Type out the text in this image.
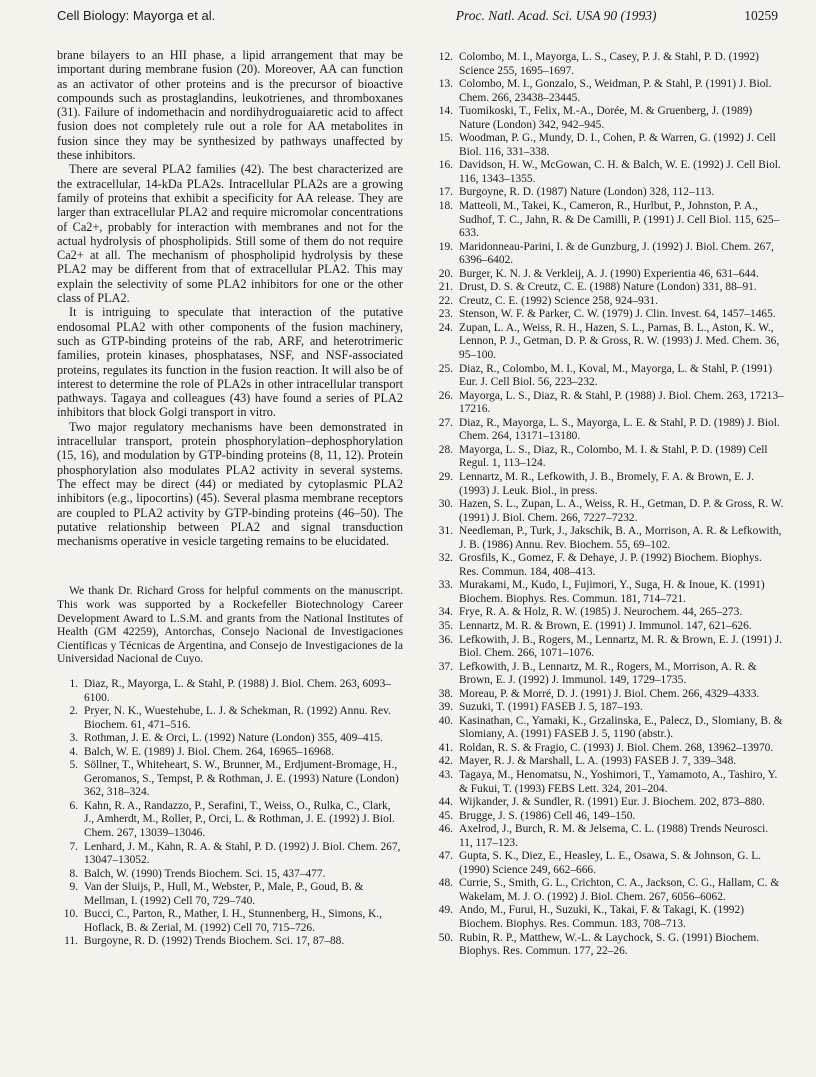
Cell Biology: Mayorga et al.	Proc. Natl. Acad. Sci. USA 90 (1993)	10259

brane bilayers to an HII phase, a lipid arrangement that may be important during membrane fusion (20). Moreover, AA can function as an activator of other proteins and is the precursor of bioactive compounds such as prostaglandins, leukotrienes, and thromboxanes (31). Failure of indomethacin and nordihydroguaiaretic acid to affect fusion does not completely rule out a role for AA metabolites in fusion since they may be synthesized by pathways unaffected by these inhibitors.

There are several PLA2 families (42). The best characterized are the extracellular, 14-kDa PLA2s. Intracellular PLA2s are a growing family of proteins that exhibit a specificity for AA release. They are larger than extracellular PLA2 and require micromolar concentrations of Ca2+, probably for interaction with membranes and not for the actual hydrolysis of phospholipids. Still some of them do not require Ca2+ at all. The mechanism of phospholipid hydrolysis by these PLA2 may be different from that of extracellular PLA2. This may explain the selectivity of some PLA2 inhibitors for one or the other class of PLA2.

It is intriguing to speculate that interaction of the putative endosomal PLA2 with other components of the fusion machinery, such as GTP-binding proteins of the rab, ARF, and heterotrimeric families, protein kinases, phosphatases, NSF, and NSF-associated proteins, regulates its function in the fusion reaction. It will also be of interest to determine the role of PLA2s in other intracellular transport pathways. Tagaya and colleagues (43) have found a series of PLA2 inhibitors that block Golgi transport in vitro.

Two major regulatory mechanisms have been demonstrated in intracellular transport, protein phosphorylation–dephosphorylation (15, 16), and modulation by GTP-binding proteins (8, 11, 12). Protein phosphorylation also modulates PLA2 activity in several systems. The effect may be direct (44) or mediated by cytoplasmic PLA2 inhibitors (e.g., lipocortins) (45). Several plasma membrane receptors are coupled to PLA2 activity by GTP-binding proteins (46–50). The putative relationship between PLA2 and signal transduction mechanisms operative in vesicle targeting remains to be elucidated.

We thank Dr. Richard Gross for helpful comments on the manuscript. This work was supported by a Rockefeller Biotechnology Career Development Award to L.S.M. and grants from the National Institutes of Health (GM 42259), Antorchas, Consejo Nacional de Investigaciones Científicas y Técnicas de Argentina, and Consejo de Investigaciones de la Universidad Nacional de Cuyo.

1. Diaz, R., Mayorga, L. & Stahl, P. (1988) J. Biol. Chem. 263, 6093–6100.
2. Pryer, N. K., Wuestehube, L. J. & Schekman, R. (1992) Annu. Rev. Biochem. 61, 471–516.
3. Rothman, J. E. & Orci, L. (1992) Nature (London) 355, 409–415.
4. Balch, W. E. (1989) J. Biol. Chem. 264, 16965–16968.
5. Söllner, T., Whiteheart, S. W., Brunner, M., Erdjument-Bromage, H., Geromanos, S., Tempst, P. & Rothman, J. E. (1993) Nature (London) 362, 318–324.
6. Kahn, R. A., Randazzo, P., Serafini, T., Weiss, O., Rulka, C., Clark, J., Amherdt, M., Roller, P., Orci, L. & Rothman, J. E. (1992) J. Biol. Chem. 267, 13039–13046.
7. Lenhard, J. M., Kahn, R. A. & Stahl, P. D. (1992) J. Biol. Chem. 267, 13047–13052.
8. Balch, W. (1990) Trends Biochem. Sci. 15, 437–477.
9. Van der Sluijs, P., Hull, M., Webster, P., Male, P., Goud, B. & Mellman, I. (1992) Cell 70, 729–740.
10. Bucci, C., Parton, R., Mather, I. H., Stunnenberg, H., Simons, K., Hoflack, B. & Zerial, M. (1992) Cell 70, 715–726.
11. Burgoyne, R. D. (1992) Trends Biochem. Sci. 17, 87–88.
12. Colombo, M. I., Mayorga, L. S., Casey, P. J. & Stahl, P. D. (1992) Science 255, 1695–1697.
13. Colombo, M. I., Gonzalo, S., Weidman, P. & Stahl, P. (1991) J. Biol. Chem. 266, 23438–23445.
14. Tuomikoski, T., Felix, M.-A., Dorée, M. & Gruenberg, J. (1989) Nature (London) 342, 942–945.
15. Woodman, P. G., Mundy, D. I., Cohen, P. & Warren, G. (1992) J. Cell Biol. 116, 331–338.
16. Davidson, H. W., McGowan, C. H. & Balch, W. E. (1992) J. Cell Biol. 116, 1343–1355.
17. Burgoyne, R. D. (1987) Nature (London) 328, 112–113.
18. Matteoli, M., Takei, K., Cameron, R., Hurlbut, P., Johnston, P. A., Sudhof, T. C., Jahn, R. & De Camilli, P. (1991) J. Cell Biol. 115, 625–633.
19. Maridonneau-Parini, I. & de Gunzburg, J. (1992) J. Biol. Chem. 267, 6396–6402.
20. Burger, K. N. J. & Verkleij, A. J. (1990) Experientia 46, 631–644.
21. Drust, D. S. & Creutz, C. E. (1988) Nature (London) 331, 88–91.
22. Creutz, C. E. (1992) Science 258, 924–931.
23. Stenson, W. F. & Parker, C. W. (1979) J. Clin. Invest. 64, 1457–1465.
24. Zupan, L. A., Weiss, R. H., Hazen, S. L., Parnas, B. L., Aston, K. W., Lennon, P. J., Getman, D. P. & Gross, R. W. (1993) J. Med. Chem. 36, 95–100.
25. Diaz, R., Colombo, M. I., Koval, M., Mayorga, L. & Stahl, P. (1991) Eur. J. Cell Biol. 56, 223–232.
26. Mayorga, L. S., Diaz, R. & Stahl, P. (1988) J. Biol. Chem. 263, 17213–17216.
27. Diaz, R., Mayorga, L. S., Mayorga, L. E. & Stahl, P. D. (1989) J. Biol. Chem. 264, 13171–13180.
28. Mayorga, L. S., Diaz, R., Colombo, M. I. & Stahl, P. D. (1989) Cell Regul. 1, 113–124.
29. Lennartz, M. R., Lefkowith, J. B., Bromely, F. A. & Brown, E. J. (1993) J. Leuk. Biol., in press.
30. Hazen, S. L., Zupan, L. A., Weiss, R. H., Getman, D. P. & Gross, R. W. (1991) J. Biol. Chem. 266, 7227–7232.
31. Needleman, P., Turk, J., Jakschik, B. A., Morrison, A. R. & Lefkowith, J. B. (1986) Annu. Rev. Biochem. 55, 69–102.
32. Grosfils, K., Gomez, F. & Dehaye, J. P. (1992) Biochem. Biophys. Res. Commun. 184, 408–413.
33. Murakami, M., Kudo, I., Fujimori, Y., Suga, H. & Inoue, K. (1991) Biochem. Biophys. Res. Commun. 181, 714–721.
34. Frye, R. A. & Holz, R. W. (1985) J. Neurochem. 44, 265–273.
35. Lennartz, M. R. & Brown, E. (1991) J. Immunol. 147, 621–626.
36. Lefkowith, J. B., Rogers, M., Lennartz, M. R. & Brown, E. J. (1991) J. Biol. Chem. 266, 1071–1076.
37. Lefkowith, J. B., Lennartz, M. R., Rogers, M., Morrison, A. R. & Brown, E. J. (1992) J. Immunol. 149, 1729–1735.
38. Moreau, P. & Morré, D. J. (1991) J. Biol. Chem. 266, 4329–4333.
39. Suzuki, T. (1991) FASEB J. 5, 187–193.
40. Kasinathan, C., Yamaki, K., Grzalinska, E., Palecz, D., Slomiany, B. & Slomiany, A. (1991) FASEB J. 5, 1190 (abstr.).
41. Roldan, R. S. & Fragio, C. (1993) J. Biol. Chem. 268, 13962–13970.
42. Mayer, R. J. & Marshall, L. A. (1993) FASEB J. 7, 339–348.
43. Tagaya, M., Henomatsu, N., Yoshimori, T., Yamamoto, A., Tashiro, Y. & Fukui, T. (1993) FEBS Lett. 324, 201–204.
44. Wijkander, J. & Sundler, R. (1991) Eur. J. Biochem. 202, 873–880.
45. Brugge, J. S. (1986) Cell 46, 149–150.
46. Axelrod, J., Burch, R. M. & Jelsema, C. L. (1988) Trends Neurosci. 11, 117–123.
47. Gupta, S. K., Diez, E., Heasley, L. E., Osawa, S. & Johnson, G. L. (1990) Science 249, 662–666.
48. Currie, S., Smith, G. L., Crichton, C. A., Jackson, C. G., Hallam, C. & Wakelam, M. J. O. (1992) J. Biol. Chem. 267, 6056–6062.
49. Ando, M., Furui, H., Suzuki, K., Takai, F. & Takagi, K. (1992) Biochem. Biophys. Res. Commun. 183, 708–713.
50. Rubin, R. P., Matthew, W.-L. & Laychock, S. G. (1991) Biochem. Biophys. Res. Commun. 177, 22–26.
